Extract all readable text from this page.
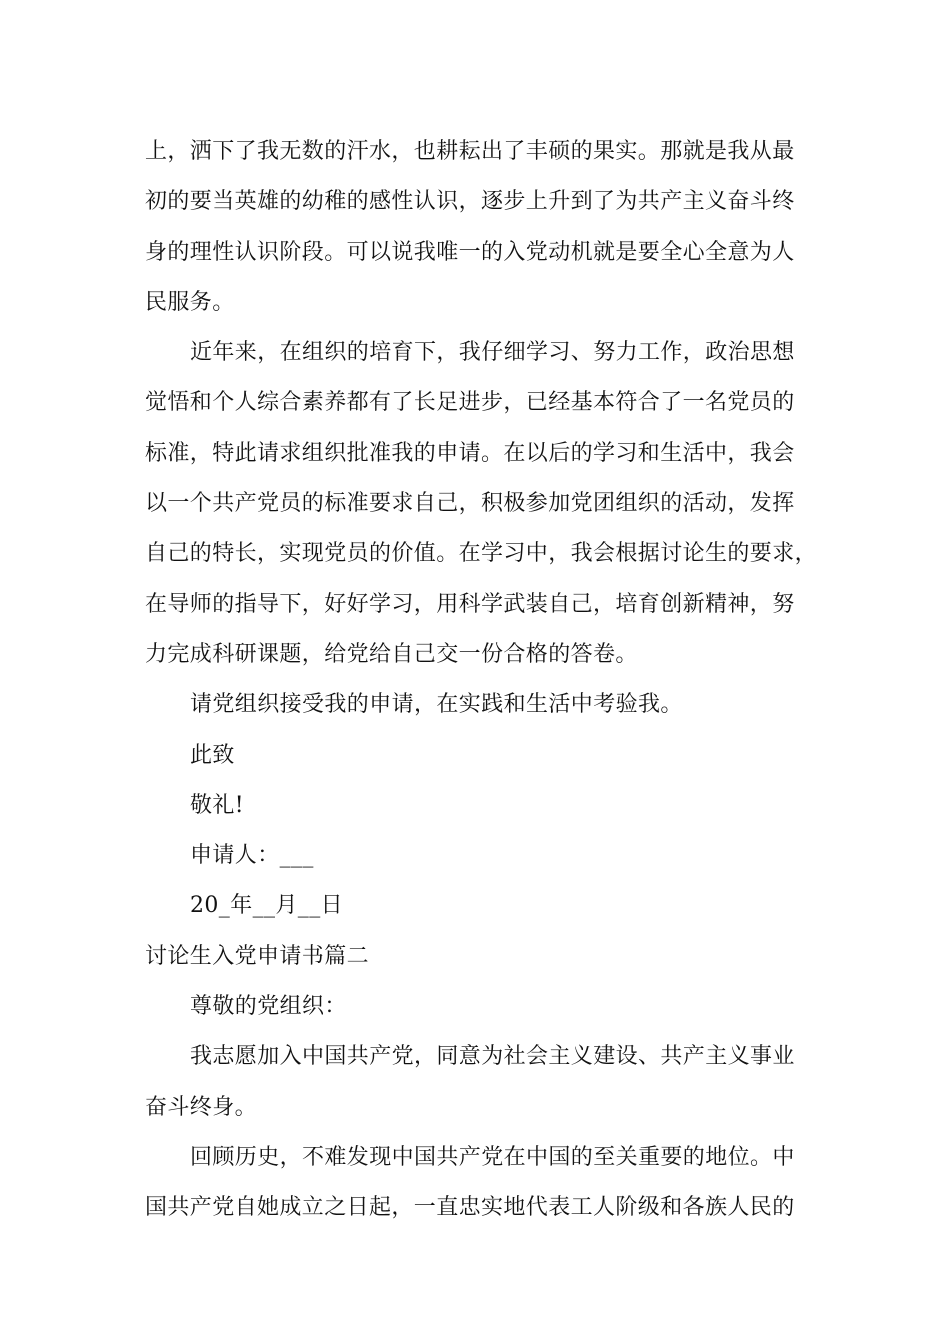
上，洒下了我无数的汗水，也耕耘出了丰硕的果实。那就是我从最
初的要当英雄的幼稚的感性认识，逐步上升到了为共产主义奋斗终
身的理性认识阶段。可以说我唯一的入党动机就是要全心全意为人
民服务。
近年来，在组织的培育下，我仔细学习、努力工作，政治思想
觉悟和个人综合素养都有了长足进步，已经基本符合了一名党员的
标准，特此请求组织批准我的申请。在以后的学习和生活中，我会
以一个共产党员的标准要求自己，积极参加党团组织的活动，发挥
自己的特长，实现党员的价值。在学习中，我会根据讨论生的要求，
在导师的指导下，好好学习，用科学武装自己，培育创新精神，努
力完成科研课题，给党给自己交一份合格的答卷。
请党组织接受我的申请，在实践和生活中考验我。
此致
敬礼!
申请人：___
20_年__月__日
讨论生入党申请书篇二
尊敬的党组织：
我志愿加入中国共产党，同意为社会主义建设、共产主义事业
奋斗终身。
回顾历史，不难发现中国共产党在中国的至关重要的地位。中
国共产党自她成立之日起，一直忠实地代表工人阶级和各族人民的
